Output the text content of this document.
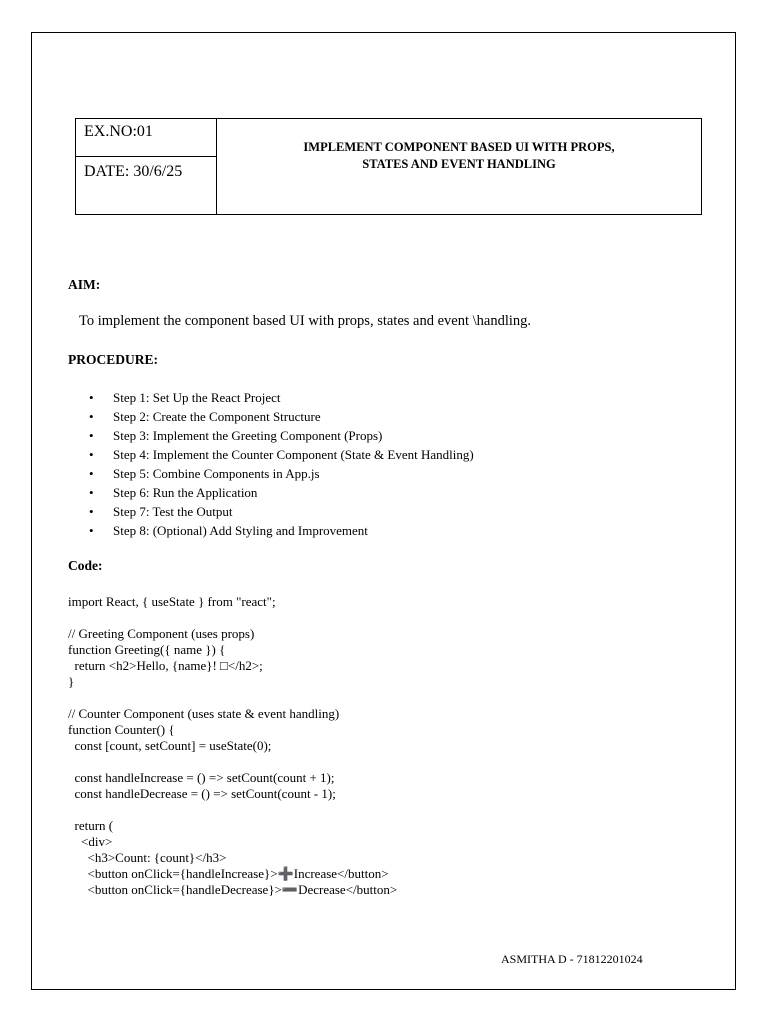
EX.NO:01
DATE: 30/6/25
IMPLEMENT COMPONENT BASED UI WITH PROPS,
STATES AND EVENT HANDLING
AIM:
To implement the component based UI with props, states and event \handling.
PROCEDURE:
• Step 1: Set Up the React Project
• Step 2: Create the Component Structure
• Step 3: Implement the Greeting Component (Props)
• Step 4: Implement the Counter Component (State & Event Handling)
• Step 5: Combine Components in App.js
• Step 6: Run the Application
• Step 7: Test the Output
• Step 8: (Optional) Add Styling and Improvement
Code:
import React, { useState } from "react";
// Greeting Component (uses props)
function Greeting({ name }) {
return <h2>Hello, {name}! □</h2>;
}
// Counter Component (uses state & event handling)
function Counter() {
const [count, setCount] = useState(0);
const handleIncrease = () => setCount(count + 1);
const handleDecrease = () => setCount(count - 1);
return (
<div>
<h3>Count: {count}</h3>
<button onClick={handleIncrease}>➕Increase</button>
<button onClick={handleDecrease}>➖Decrease</button>
ASMITHA D - 71812201024
